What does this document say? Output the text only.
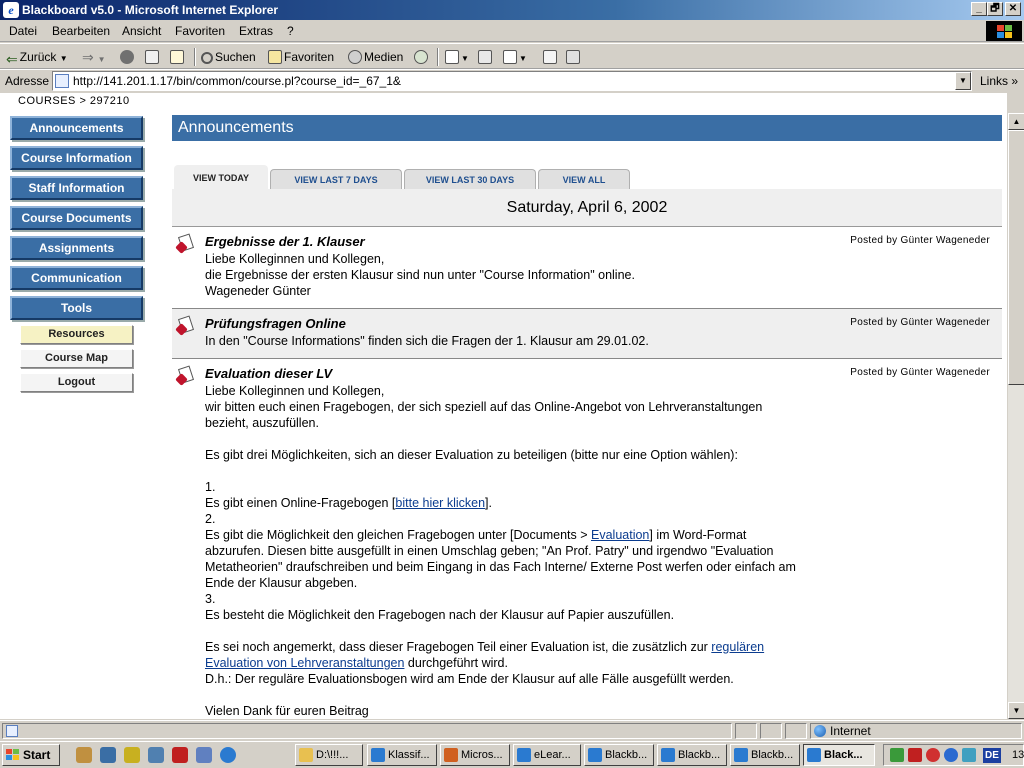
e Blackboard v5.0 - Microsoft Internet Explorer	_ 🗗 ✕
Datei Bearbeiten Ansicht Favoriten Extras ?
⇐ Zurück ▼ ⇒ ▼	Suchen	Favoriten	Medien	▼	▼
Adresse http://141.201.1.17/bin/common/course.pl?course_id=_67_1&	▼	Links »
COURSES > 297210
Announcements
Course Information
Staff Information
Course Documents
Assignments
Communication
Tools
Resources
Course Map
Logout
Announcements
VIEW TODAY	VIEW LAST 7 DAYS	VIEW LAST 30 DAYS	VIEW ALL
Saturday, April 6, 2002
Ergebnisse der 1. Klauser	Posted by Günter Wageneder

Liebe Kolleginnen und Kollegen,

die Ergebnisse der ersten Klausur sind nun unter "Course Information" online.

Wageneder Günter

Prüfungsfragen Online	Posted by Günter Wageneder

In den "Course Informations" finden sich die Fragen der 1. Klausur am 29.01.02.

Evaluation dieser LV	Posted by Günter Wageneder

Liebe Kolleginnen und Kollegen,

wir bitten euch einen Fragebogen, der sich speziell auf das Online-Angebot von Lehrveranstaltungen

bezieht, auszufüllen.

Es gibt drei Möglichkeiten, sich an dieser Evaluation zu beteiligen (bitte nur eine Option wählen):

1.

Es gibt einen Online-Fragebogen [bitte hier klicken].

2.

Es gibt die Möglichkeit den gleichen Fragebogen unter [Documents > Evaluation] im Word-Format

abzurufen. Diesen bitte ausgefüllt in einen Umschlag geben; "An Prof. Patry" und irgendwo "Evaluation

Metatheorien" draufschreiben und beim Eingang in das Fach Interne/ Externe Post werfen oder einfach am

Ende der Klausur abgeben.

3.

Es besteht die Möglichkeit den Fragebogen nach der Klausur auf Papier auszufüllen.

Es sei noch angemerkt, dass dieser Fragebogen Teil einer Evaluation ist, die zusätzlich zur regulären

Evaluation von Lehrveranstaltungen durchgeführt wird.

D.h.: Der reguläre Evaluationsbogen wird am Ende der Klausur auf alle Fälle ausgefüllt werden.

Vielen Dank für euren Beitrag

▲
▼
Internet
Start	D:\!!!...	Klassif...	Micros...	eLear...	Blackb...	Blackb...	Blackb...	Black...	DE 13
